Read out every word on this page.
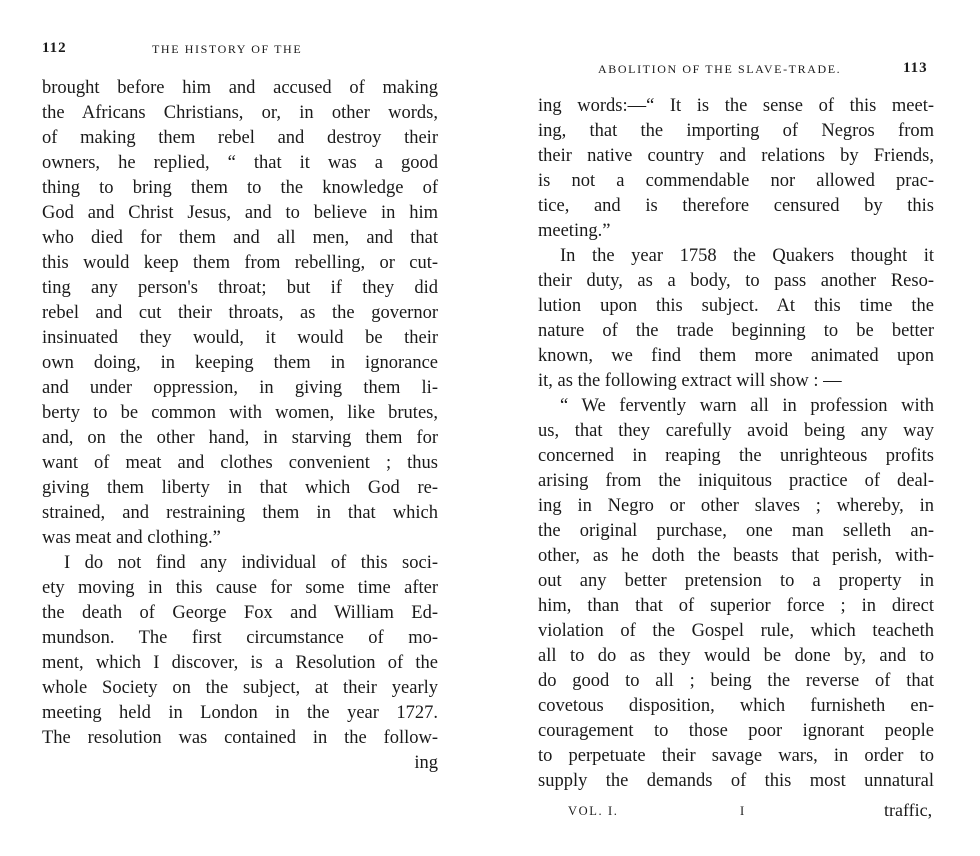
112	THE HISTORY OF THE
brought before him and accused of making
the Africans Christians, or, in other words,
of making them rebel and destroy their
owners, he replied, “ that it was a good
thing to bring them to the knowledge of
God and Christ Jesus, and to believe in him
who died for them and all men, and that
this would keep them from rebelling, or cut-
ting any person's throat; but if they did
rebel and cut their throats, as the governor
insinuated they would, it would be their
own doing, in keeping them in ignorance
and under oppression, in giving them li-
berty to be common with women, like brutes,
and, on the other hand, in starving them for
want of meat and clothes convenient ; thus
giving them liberty in that which God re-
strained, and restraining them in that which
was meat and clothing.”
I do not find any individual of this soci-
ety moving in this cause for some time after
the death of George Fox and William Ed-
mundson. The first circumstance of mo-
ment, which I discover, is a Resolution of the
whole Society on the subject, at their yearly
meeting held in London in the year 1727.
The resolution was contained in the follow-
ing
ABOLITION OF THE SLAVE-TRADE.	113
ing words:—“ It is the sense of this meet-
ing, that the importing of Negros from
their native country and relations by Friends,
is not a commendable nor allowed prac-
tice, and is therefore censured by this
meeting.”
In the year 1758 the Quakers thought it
their duty, as a body, to pass another Reso-
lution upon this subject. At this time the
nature of the trade beginning to be better
known, we find them more animated upon
it, as the following extract will show : —
“ We fervently warn all in profession with
us, that they carefully avoid being any way
concerned in reaping the unrighteous profits
arising from the iniquitous practice of deal-
ing in Negro or other slaves ; whereby, in
the original purchase, one man selleth an-
other, as he doth the beasts that perish, with-
out any better pretension to a property in
him, than that of superior force ; in direct
violation of the Gospel rule, which teacheth
all to do as they would be done by, and to
do good to all ; being the reverse of that
covetous disposition, which furnisheth en-
couragement to those poor ignorant people
to perpetuate their savage wars, in order to
supply the demands of this most unnatural
VOL. I.	I	traffic,
